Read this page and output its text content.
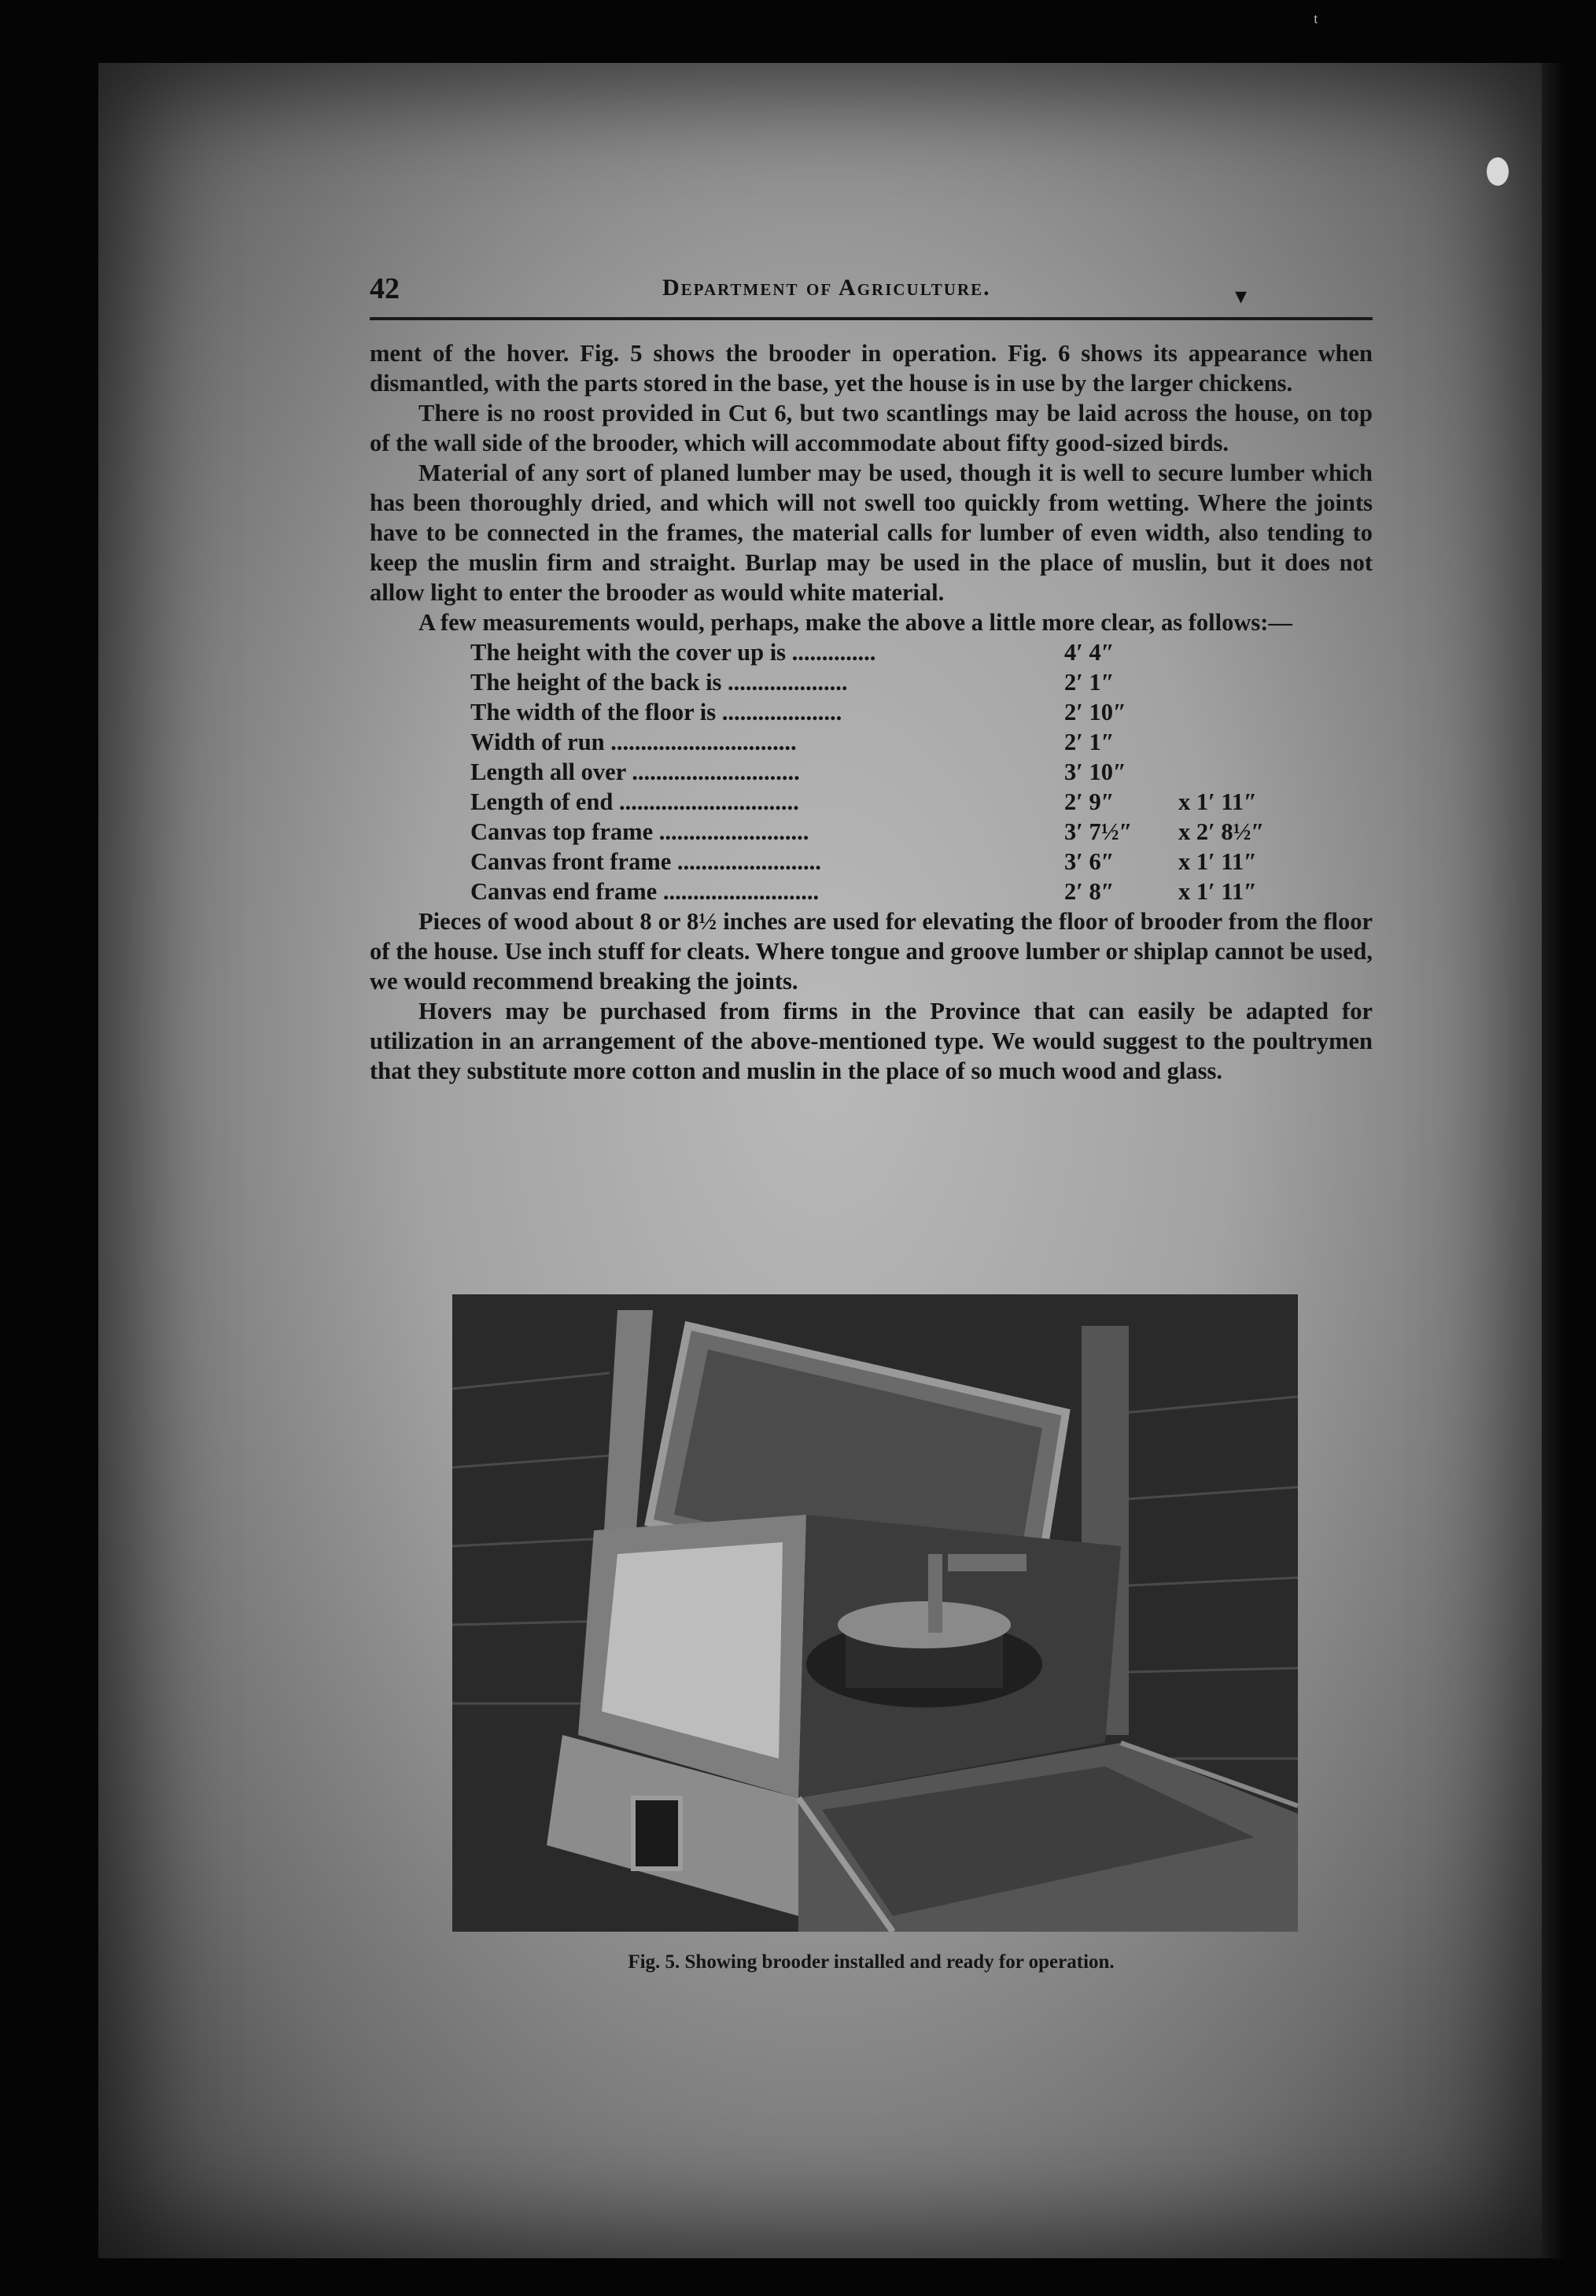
ᵗ
42	Department of Agriculture.	▾

ment of the hover. Fig. 5 shows the brooder in operation. Fig. 6 shows its appearance when dismantled, with the parts stored in the base, yet the house is in use by the larger chickens.

There is no roost provided in Cut 6, but two scantlings may be laid across the house, on top of the wall side of the brooder, which will accommodate about fifty good-sized birds.

Material of any sort of planed lumber may be used, though it is well to secure lumber which has been thoroughly dried, and which will not swell too quickly from wetting. Where the joints have to be connected in the frames, the material calls for lumber of even width, also tending to keep the muslin firm and straight. Burlap may be used in the place of muslin, but it does not allow light to enter the brooder as would white material.

A few measurements would, perhaps, make the above a little more clear, as follows:—

The height with the cover up is ..............	4′ 4″	
The height of the back is ....................	2′ 1″	
The width of the floor is ....................	2′ 10″	
Width of run ...............................	2′ 1″	
Length all over ............................	3′ 10″	
Length of end ..............................	2′ 9″	x 1′ 11″
Canvas top frame .........................	3′ 7½″	x 2′ 8½″
Canvas front frame ........................	3′ 6″	x 1′ 11″
Canvas end frame ..........................	2′ 8″	x 1′ 11″

Pieces of wood about 8 or 8½ inches are used for elevating the floor of brooder from the floor of the house. Use inch stuff for cleats. Where tongue and groove lumber or shiplap cannot be used, we would recommend breaking the joints.

Hovers may be purchased from firms in the Province that can easily be adapted for utilization in an arrangement of the above-mentioned type. We would suggest to the poultrymen that they substitute more cotton and muslin in the place of so much wood and glass.

Fig. 5. Showing brooder installed and ready for operation.
